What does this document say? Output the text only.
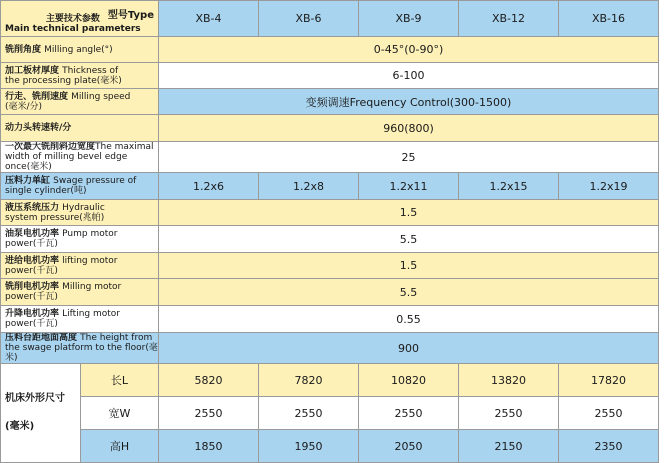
型号Type
主要技术参数
Main technical parameters		XB-4	XB-6	XB-9	XB-12	XB-16
铣削角度 Milling angle(°)		0-45°(0-90°)				
加工板材厚度 Thickness of
the processing plate(毫米)		6-100				
行走、铣削速度 Milling speed
(毫米/分)		变频调速Frequency Control(300-1500)				
动力头转速转/分		960(800)				
一次最大铣削斜边宽度The maximal
width of milling bevel edge once(毫米)		25				
压料力单缸 Swage pressure of
single cylinder(吨)		1.2x6	1.2x8	1.2x11	1.2x15	1.2x19
液压系统压力 Hydraulic
system pressure(兆帕)		1.5				
油泵电机功率 Pump motor
power(千瓦)		5.5				
进给电机功率 lifting motor
power(千瓦)		1.5				
铣削电机功率 Milling motor
power(千瓦)		5.5				
升降电机功率 Lifting motor
power(千瓦)		0.55				
压料台距地面高度 The height from
the swage platform to the floor(毫米)		900				
机床外形尺寸

(毫米)	长L	5820	7820	10820	13820	17820
	宽W	2550	2550	2550	2550	2550
	高H	1850	1950	2050	2150	2350
